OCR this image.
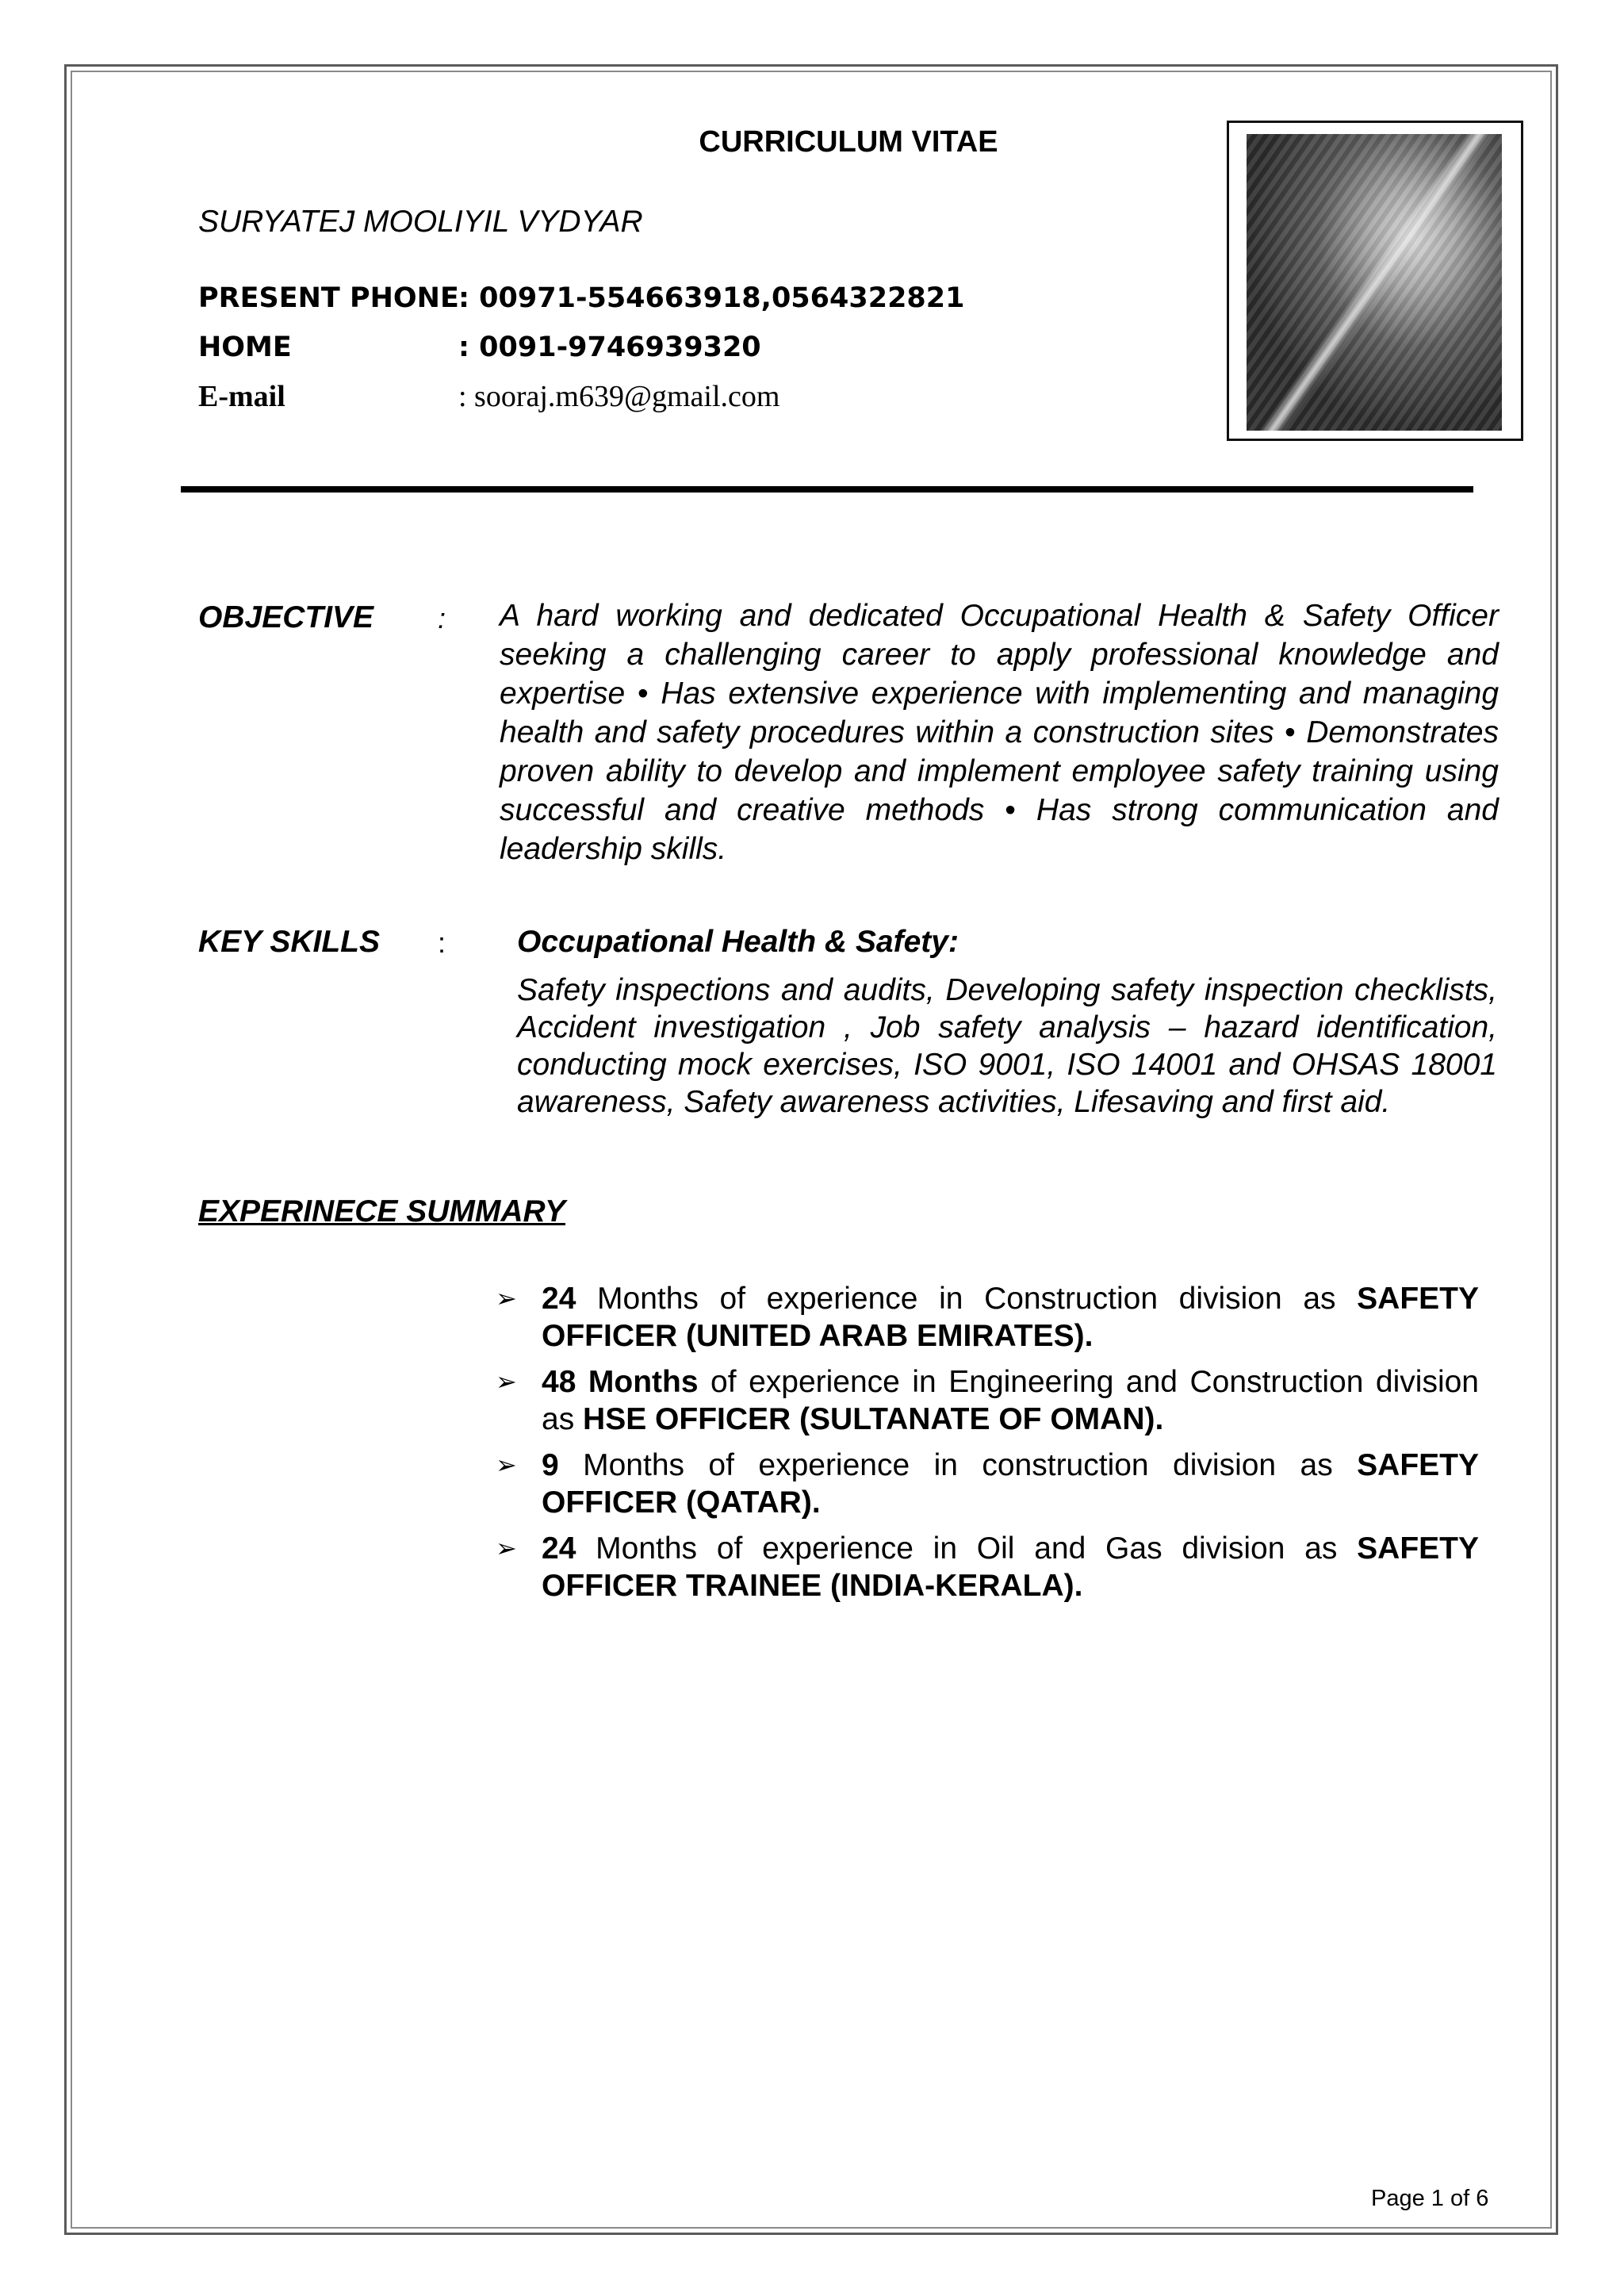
CURRICULUM VITAE
SURYATEJ MOOLIYIL VYDYAR
PRESENT PHONE : 00971-554663918,0564322821
HOME	: 0091-9746939320
E-mail	: sooraj.m639@gmail.com
OBJECTIVE : A hard working and dedicated Occupational Health & Safety Officer seeking a challenging career to apply professional knowledge and expertise • Has extensive experience with implementing and managing health and safety procedures within a construction sites • Demonstrates proven ability to develop and implement employee safety training using successful and creative methods • Has strong communication and leadership skills.
KEY SKILLS : Occupational Health & Safety:
Safety inspections and audits, Developing safety inspection checklists, Accident investigation , Job safety analysis – hazard identification, conducting mock exercises, ISO 9001, ISO 14001 and OHSAS 18001 awareness, Safety awareness activities, Lifesaving and first aid.
EXPERINECE SUMMARY
➢ 24 Months of experience in Construction division as SAFETY OFFICER (UNITED ARAB EMIRATES).
➢ 48 Months of experience in Engineering and Construction division as HSE OFFICER (SULTANATE OF OMAN).
➢ 9 Months of experience in construction division as SAFETY OFFICER (QATAR).
➢ 24 Months of experience in Oil and Gas division as SAFETY OFFICER TRAINEE (INDIA-KERALA).
Page 1 of 6
